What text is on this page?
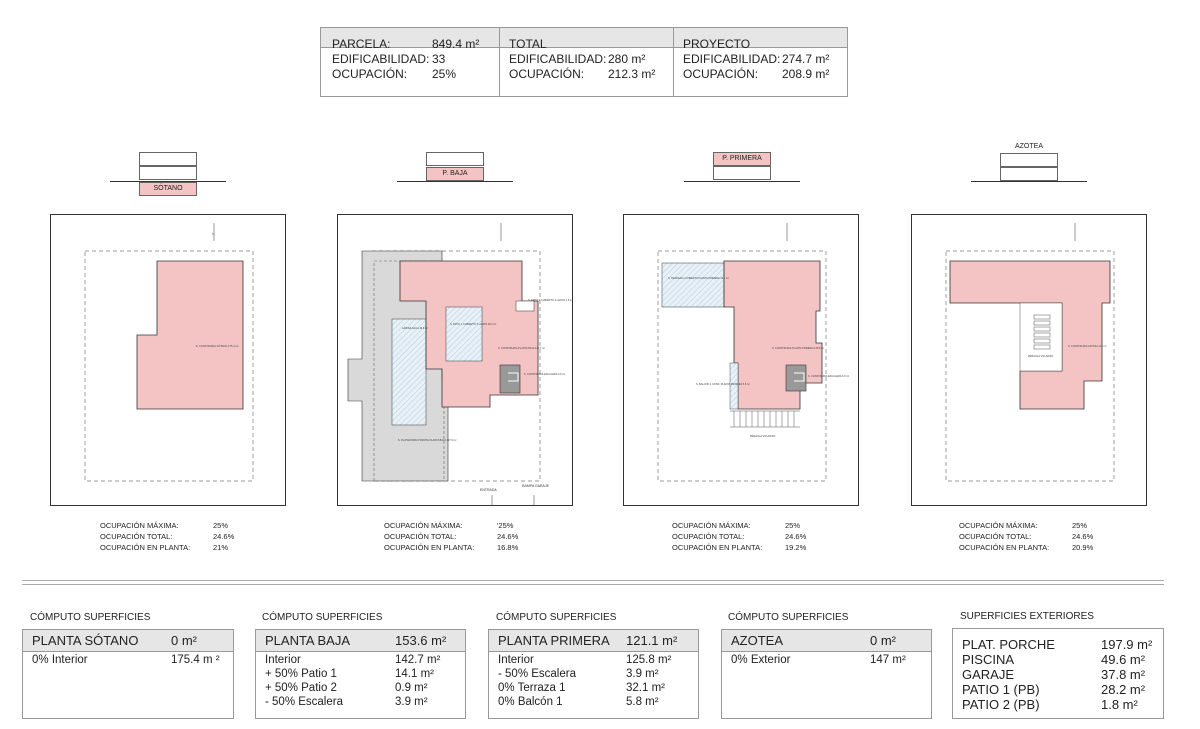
PARCELA:	849.4 m²
EDIFICABILIDAD: 33
OCUPACIÓN: 25%
TOTAL
EDIFICABILIDAD: 280 m²
OCUPACIÓN: 212.3 m²
PROYECTO
EDIFICABILIDAD: 274.7 m²
OCUPACIÓN: 208.9 m²
SÓTANO
P. BAJA
P. PRIMERA
AZOTEA
N
S. CONSTRUIDA SÓTANO 175.4 m²
LÁMINA AGUA 49.6 m²
S. PATIO 1 CUBIERTO 3 LADOS 28.2 m²
S. PATIO 2 CUBIERTO 3 LADOS 1.8 m²
S. CONSTRUIDA PLANTA BAJA 142.7 m²
S. CONSTRUIDA ESCALERA 3.9 m²
S. PLATAFORMA PORCHE PLANTA BAJA 197.9 m²
ENTRADA
RAMPA GARAJE
S. TERRAZA 1 CUBIERTA PLANTA PRIMERA 32.1 m²
S. CONSTRUIDA PLANTA PRIMERA 125.8 m²
S. CONSTRUIDA ESCALERA 3.9 m²
S. BALCÓN 1 CONS. PLANTA PRIMERA 5.8 m²
PÉRGOLA VOLADIZO
PÉRGOLA VOLADIZO
S. CONSTRUIDA AZOTEA 147 m²
OCUPACIÓN MÁXIMA:	25%
OCUPACIÓN TOTAL:	24.6%
OCUPACIÓN EN PLANTA:	21%
OCUPACIÓN MÁXIMA:	'25%
OCUPACIÓN TOTAL:	24.6%
OCUPACIÓN EN PLANTA:	16.8%
OCUPACIÓN MÁXIMA:	25%
OCUPACIÓN TOTAL:	24.6%
OCUPACIÓN EN PLANTA:	19.2%
OCUPACIÓN MÁXIMA:	25%
OCUPACIÓN TOTAL:	24.6%
OCUPACIÓN EN PLANTA:	20.9%
CÓMPUTO SUPERFICIES
PLANTA SÓTANO	0 m²
0% Interior	175.4 m ²
CÓMPUTO SUPERFICIES
PLANTA BAJA	153.6 m²
Interior	142.7 m²
+ 50% Patio 1	14.1 m²
+ 50% Patio 2	0.9 m²
- 50% Escalera	3.9 m²
CÓMPUTO SUPERFICIES
PLANTA PRIMERA 121.1 m²
Interior	125.8 m²
- 50% Escalera	3.9 m²
0% Terraza 1	32.1 m²
0% Balcón 1	5.8 m²
CÓMPUTO SUPERFICIES
AZOTEA	0 m²
0% Exterior	147 m²
SUPERFICIES EXTERIORES
PLAT. PORCHE	197.9 m²
PISCINA	49.6 m²
GARAJE	37.8 m²
PATIO 1 (PB)	28.2 m²
PATIO 2 (PB)	1.8 m²
